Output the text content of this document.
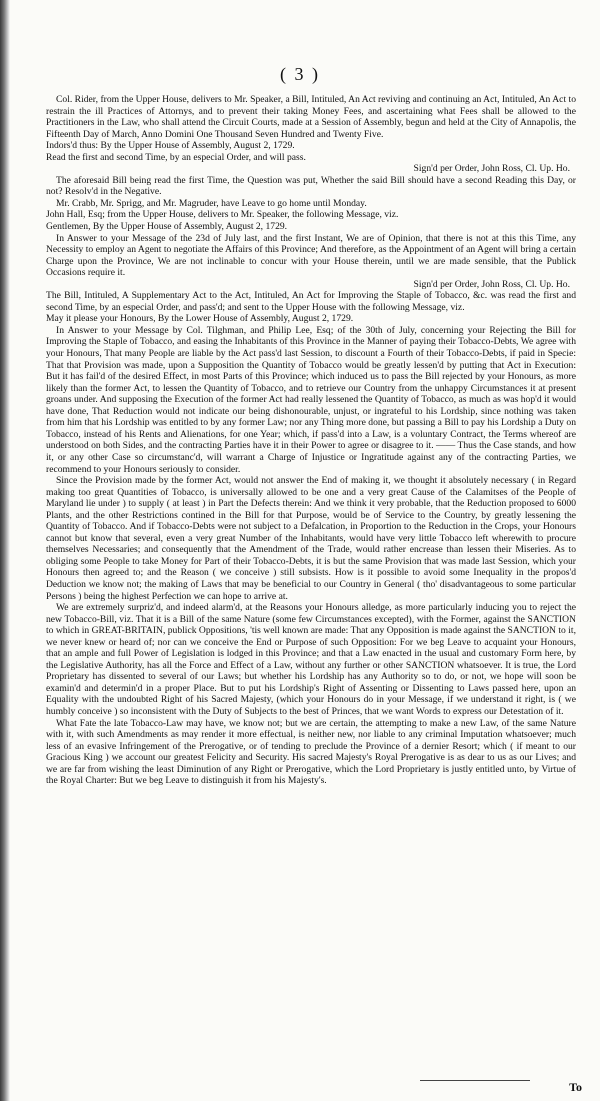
( 3 )

Col. Rider, from the Upper House, delivers to Mr. Speaker, a Bill, Intituled, An Act reviving and continuing an Act, Intituled, An Act to restrain the ill Practices of Attornys, and to prevent their taking Money Fees, and ascertaining what Fees shall be allowed to the Practitioners in the Law, who shall attend the Circuit Courts, made at a Session of Assembly, begun and held at the City of Annapolis, the Fifteenth Day of March, Anno Domini One Thousand Seven Hundred and Twenty Five.

Indors'd thus: By the Upper House of Assembly, August 2, 1729.

Read the first and second Time, by an especial Order, and will pass.

Sign'd per Order, John Ross, Cl. Up. Ho.

The aforesaid Bill being read the first Time, the Question was put, Whether the said Bill should have a second Reading this Day, or not? Resolv'd in the Negative.

Mr. Crabb, Mr. Sprigg, and Mr. Magruder, have Leave to go home until Monday.

John Hall, Esq; from the Upper House, delivers to Mr. Speaker, the following Message, viz.

Gentlemen, By the Upper House of Assembly, August 2, 1729.

In Answer to your Message of the 23d of July last, and the first Instant, We are of Opinion, that there is not at this this Time, any Necessity to employ an Agent to negotiate the Affairs of this Province; And therefore, as the Appointment of an Agent will bring a certain Charge upon the Province, We are not inclinable to concur with your House therein, until we are made sensible, that the Publick Occasions require it.

Sign'd per Order, John Ross, Cl. Up. Ho.

The Bill, Intituled, A Supplementary Act to the Act, Intituled, An Act for Improving the Staple of Tobacco, &c. was read the first and second Time, by an especial Order, and pass'd; and sent to the Upper House with the following Message, viz.

May it please your Honours, By the Lower House of Assembly, August 2, 1729.

In Answer to your Message by Col. Tilghman, and Philip Lee, Esq; of the 30th of July, concerning your Rejecting the Bill for Improving the Staple of Tobacco, and easing the Inhabitants of this Province in the Manner of paying their Tobacco-Debts, We agree with your Honours, That many People are liable by the Act pass'd last Session, to discount a Fourth of their Tobacco-Debts, if paid in Specie: That that Provision was made, upon a Supposition the Quantity of Tobacco would be greatly lessen'd by putting that Act in Execution: But it has fail'd of the desired Effect, in most Parts of this Province; which induced us to pass the Bill rejected by your Honours, as more likely than the former Act, to lessen the Quantity of Tobacco, and to retrieve our Country from the unhappy Circumstances it at present groans under. And supposing the Execution of the former Act had really lessened the Quantity of Tobacco, as much as was hop'd it would have done, That Reduction would not indicate our being dishonourable, unjust, or ingrateful to his Lordship, since nothing was taken from him that his Lordship was entitled to by any former Law; nor any Thing more done, but passing a Bill to pay his Lordship a Duty on Tobacco, instead of his Rents and Alienations, for one Year; which, if pass'd into a Law, is a voluntary Contract, the Terms whereof are understood on both Sides, and the contracting Parties have it in their Power to agree or disagree to it. —— Thus the Case stands, and how it, or any other Case so circumstanc'd, will warrant a Charge of Injustice or Ingratitude against any of the contracting Parties, we recommend to your Honours seriously to consider.

Since the Provision made by the former Act, would not answer the End of making it, we thought it absolutely necessary ( in Regard making too great Quantities of Tobacco, is universally allowed to be one and a very great Cause of the Calamitses of the People of Maryland lie under ) to supply ( at least ) in Part the Defects therein: And we think it very probable, that the Reduction proposed to 6000 Plants, and the other Restrictions contined in the Bill for that Purpose, would be of Service to the Country, by greatly lessening the Quantity of Tobacco. And if Tobacco-Debts were not subject to a Defalcation, in Proportion to the Reduction in the Crops, your Honours cannot but know that several, even a very great Number of the Inhabitants, would have very little Tobacco left wherewith to procure themselves Necessaries; and consequently that the Amendment of the Trade, would rather encrease than lessen their Miseries. As to obliging some People to take Money for Part of their Tobacco-Debts, it is but the same Provision that was made last Session, which your Honours then agreed to; and the Reason ( we conceive ) still subsists. How is it possible to avoid some Inequality in the propos'd Deduction we know not; the making of Laws that may be beneficial to our Country in General ( tho' disadvantageous to some particular Persons ) being the highest Perfection we can hope to arrive at.

We are extremely surpriz'd, and indeed alarm'd, at the Reasons your Honours alledge, as more particularly inducing you to reject the new Tobacco-Bill, viz. That it is a Bill of the same Nature (some few Circumstances excepted), with the Former, against the SANCTION to which in GREAT-BRITAIN, publick Oppositions, 'tis well known are made: That any Opposition is made against the SANCTION to it, we never knew or heard of; nor can we conceive the End or Purpose of such Opposition: For we beg Leave to acquaint your Honours, that an ample and full Power of Legislation is lodged in this Province; and that a Law enacted in the usual and customary Form here, by the Legislative Authority, has all the Force and Effect of a Law, without any further or other SANCTION whatsoever. It is true, the Lord Proprietary has dissented to several of our Laws; but whether his Lordship has any Authority so to do, or not, we hope will soon be examin'd and determin'd in a proper Place. But to put his Lordship's Right of Assenting or Dissenting to Laws passed here, upon an Equality with the undoubted Right of his Sacred Majesty, (which your Honours do in your Message, if we understand it right, is ( we humbly conceive ) so inconsistent with the Duty of Subjects to the best of Princes, that we want Words to express our Detestation of it.

What Fate the late Tobacco-Law may have, we know not; but we are certain, the attempting to make a new Law, of the same Nature with it, with such Amendments as may render it more effectual, is neither new, nor liable to any criminal Imputation whatsoever; much less of an evasive Infringement of the Prerogative, or of tending to preclude the Province of a dernier Resort; which ( if meant to our Gracious King ) we account our greatest Felicity and Security. His sacred Majesty's Royal Prerogative is as dear to us as our Lives; and we are far from wishing the least Diminution of any Right or Prerogative, which the Lord Proprietary is justly entitled unto, by Virtue of the Royal Charter: But we beg Leave to distinguish it from his Majesty's.

To
